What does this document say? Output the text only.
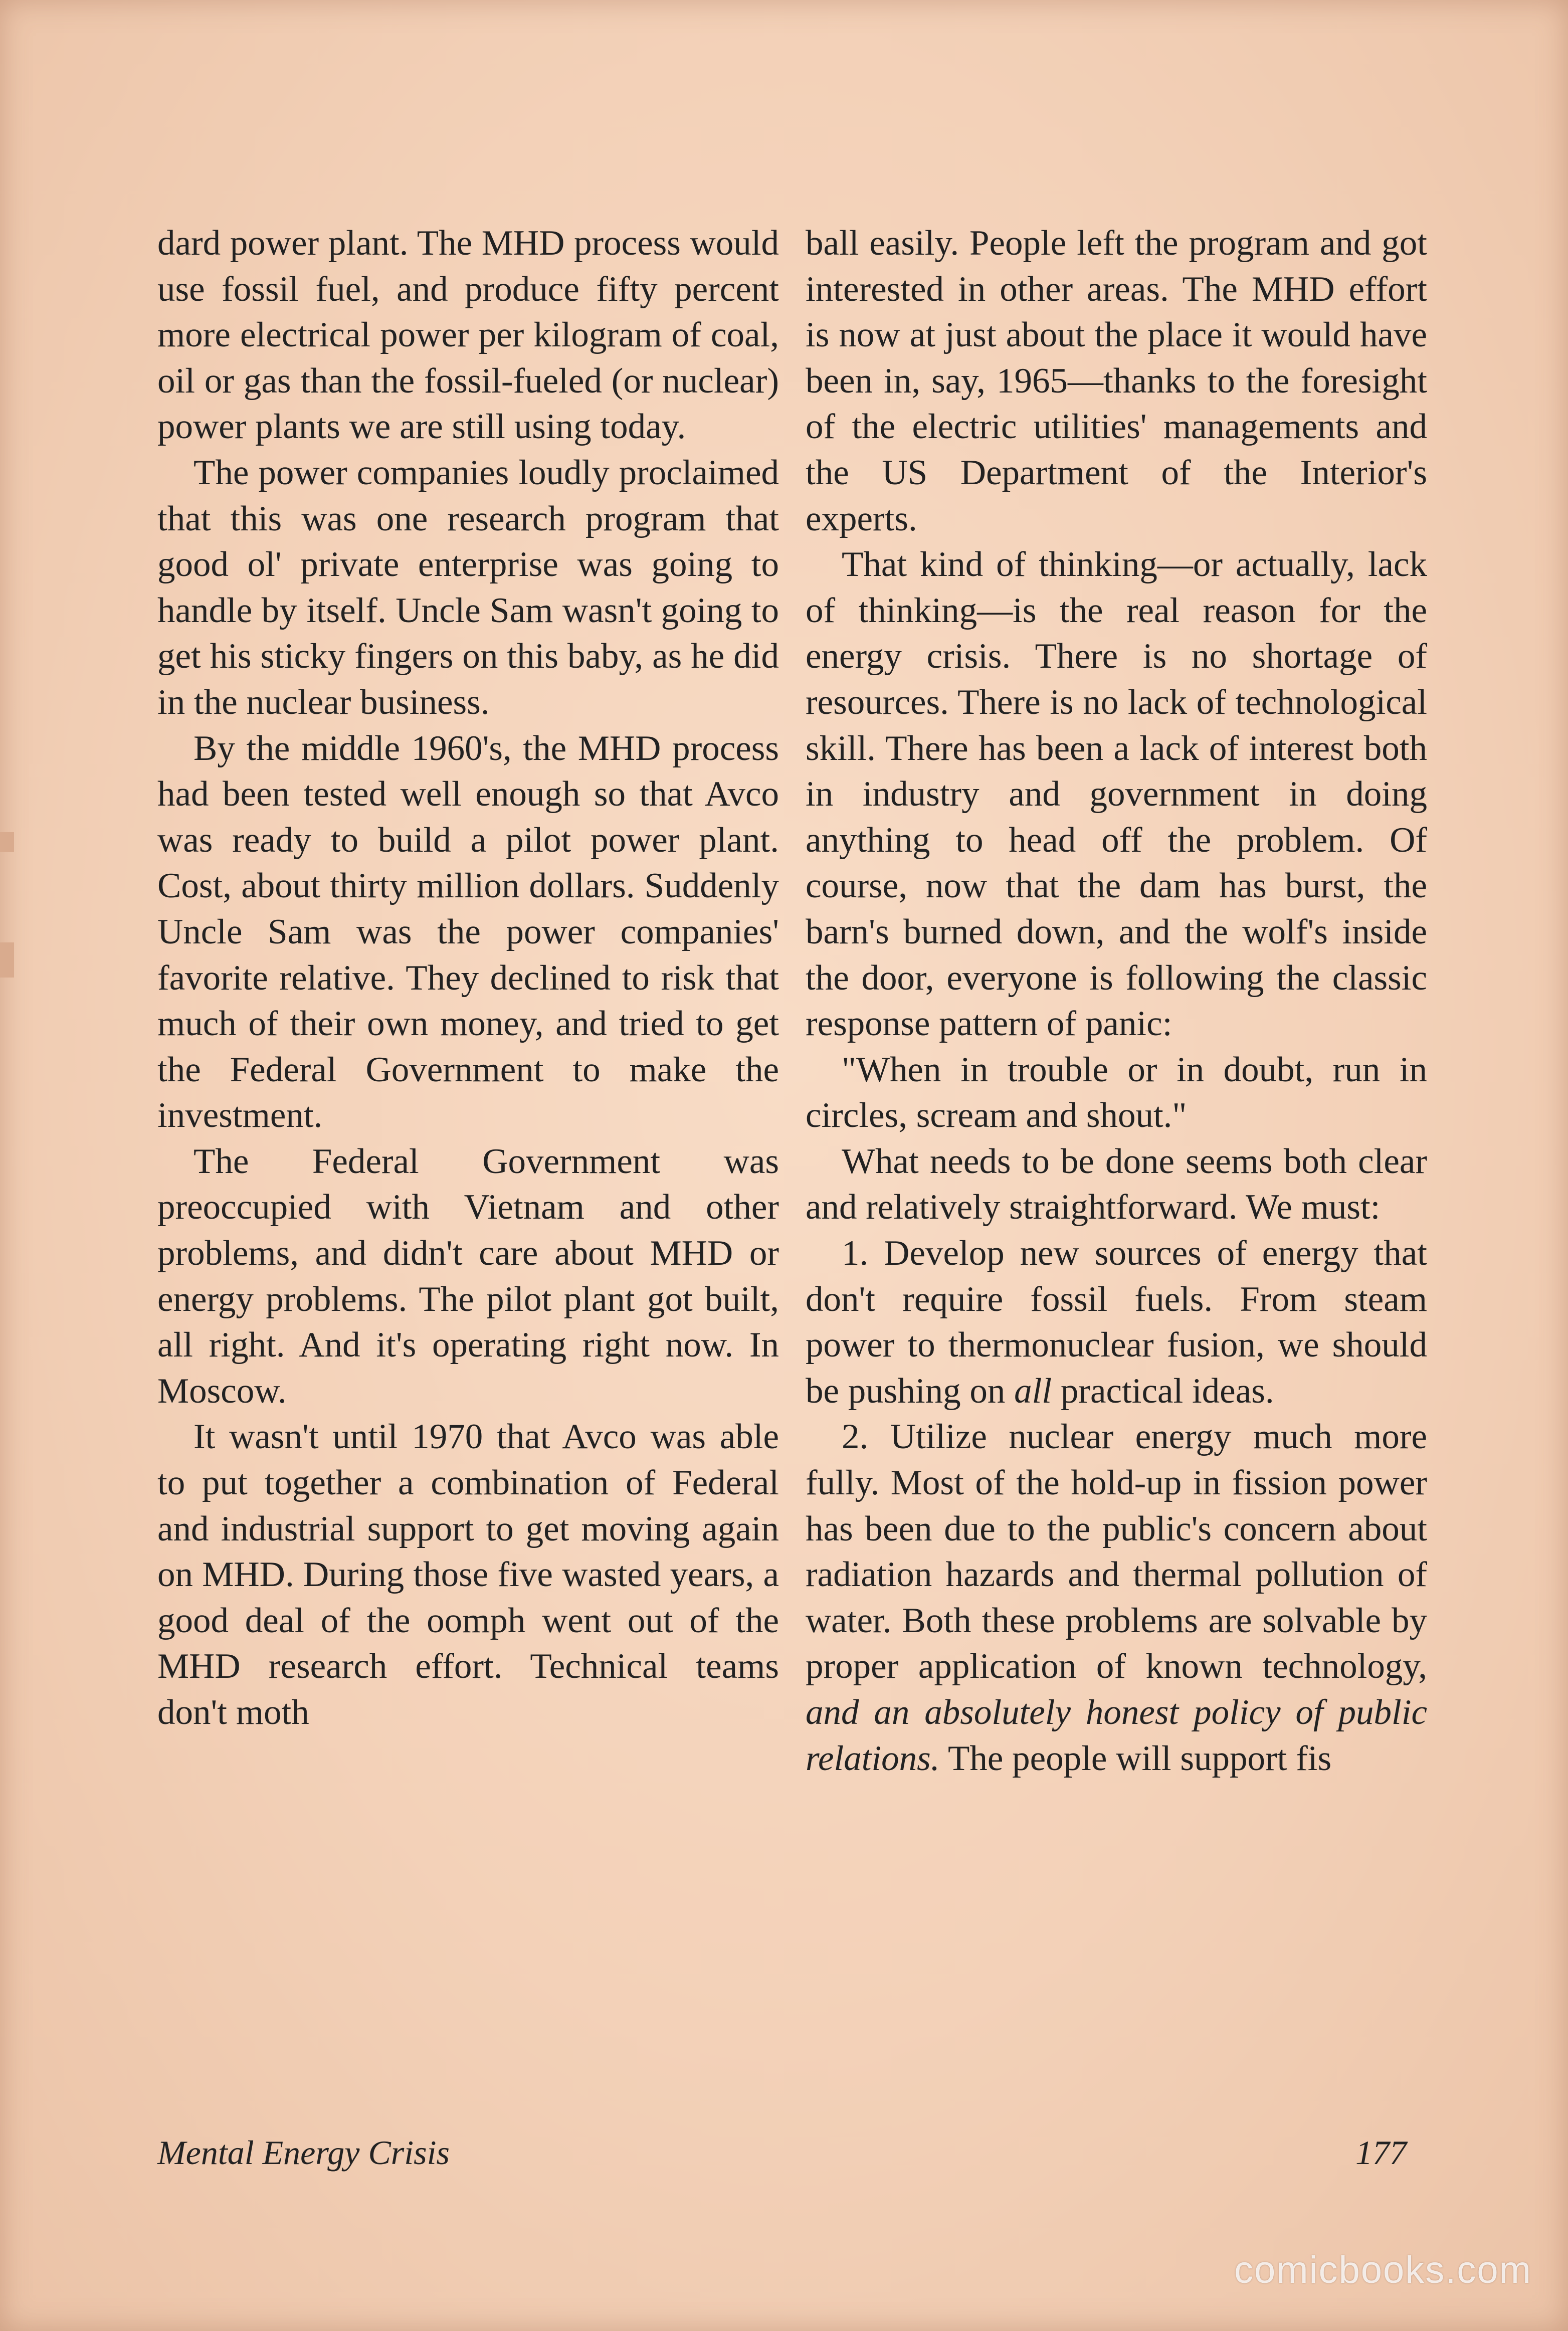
dard power plant. The MHD process would use fossil fuel, and produce fifty percent more electrical power per kilogram of coal, oil or gas than the fossil-fueled (or nuclear) power plants we are still using today.

The power companies loudly proclaimed that this was one research program that good ol' private enterprise was going to handle by itself. Uncle Sam wasn't going to get his sticky fingers on this baby, as he did in the nuclear business.

By the middle 1960's, the MHD process had been tested well enough so that Avco was ready to build a pilot power plant. Cost, about thirty million dollars. Suddenly Uncle Sam was the power companies' favorite relative. They declined to risk that much of their own money, and tried to get the Federal Government to make the investment.

The Federal Government was preoccupied with Vietnam and other problems, and didn't care about MHD or energy problems. The pilot plant got built, all right. And it's operating right now. In Moscow.

It wasn't until 1970 that Avco was able to put together a combination of Federal and industrial support to get moving again on MHD. During those five wasted years, a good deal of the oomph went out of the MHD research effort. Technical teams don't moth

ball easily. People left the program and got interested in other areas. The MHD effort is now at just about the place it would have been in, say, 1965—thanks to the foresight of the electric utilities' managements and the US Department of the Interior's experts.

That kind of thinking—or actually, lack of thinking—is the real reason for the energy crisis. There is no shortage of resources. There is no lack of technological skill. There has been a lack of interest both in industry and government in doing anything to head off the problem. Of course, now that the dam has burst, the barn's burned down, and the wolf's inside the door, everyone is following the classic response pattern of panic:

"When in trouble or in doubt, run in circles, scream and shout."

What needs to be done seems both clear and relatively straightforward. We must:

1. Develop new sources of energy that don't require fossil fuels. From steam power to thermonuclear fusion, we should be pushing on all practical ideas.

2. Utilize nuclear energy much more fully. Most of the hold-up in fission power has been due to the public's concern about radiation hazards and thermal pollution of water. Both these problems are solvable by proper application of known technology, and an absolutely honest policy of public relations. The people will support fis

Mental Energy Crisis	177
comicbooks.com
